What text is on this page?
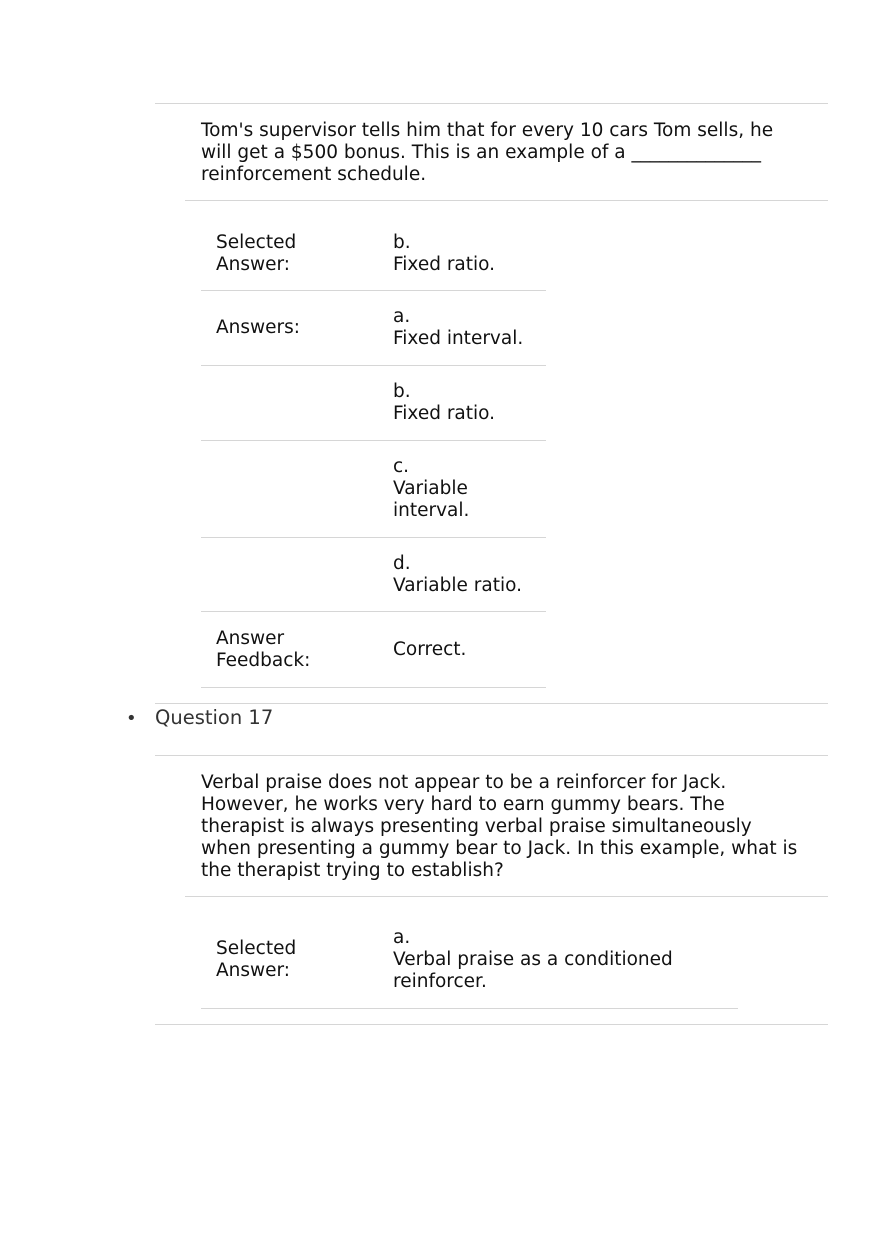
Tom's supervisor tells him that for every 10 cars Tom sells, he
will get a $500 bonus. This is an example of a ______________
reinforcement schedule.
Selected
Answer:
b.
Fixed ratio.
Answers:
a.
Fixed interval.
b.
Fixed ratio.
c.
Variable
interval.
d.
Variable ratio.
Answer
Feedback:
Correct.
• Question 17
Verbal praise does not appear to be a reinforcer for Jack.
However, he works very hard to earn gummy bears. The
therapist is always presenting verbal praise simultaneously
when presenting a gummy bear to Jack. In this example, what is
the therapist trying to establish?
Selected
Answer:
a.
Verbal praise as a conditioned
reinforcer.
